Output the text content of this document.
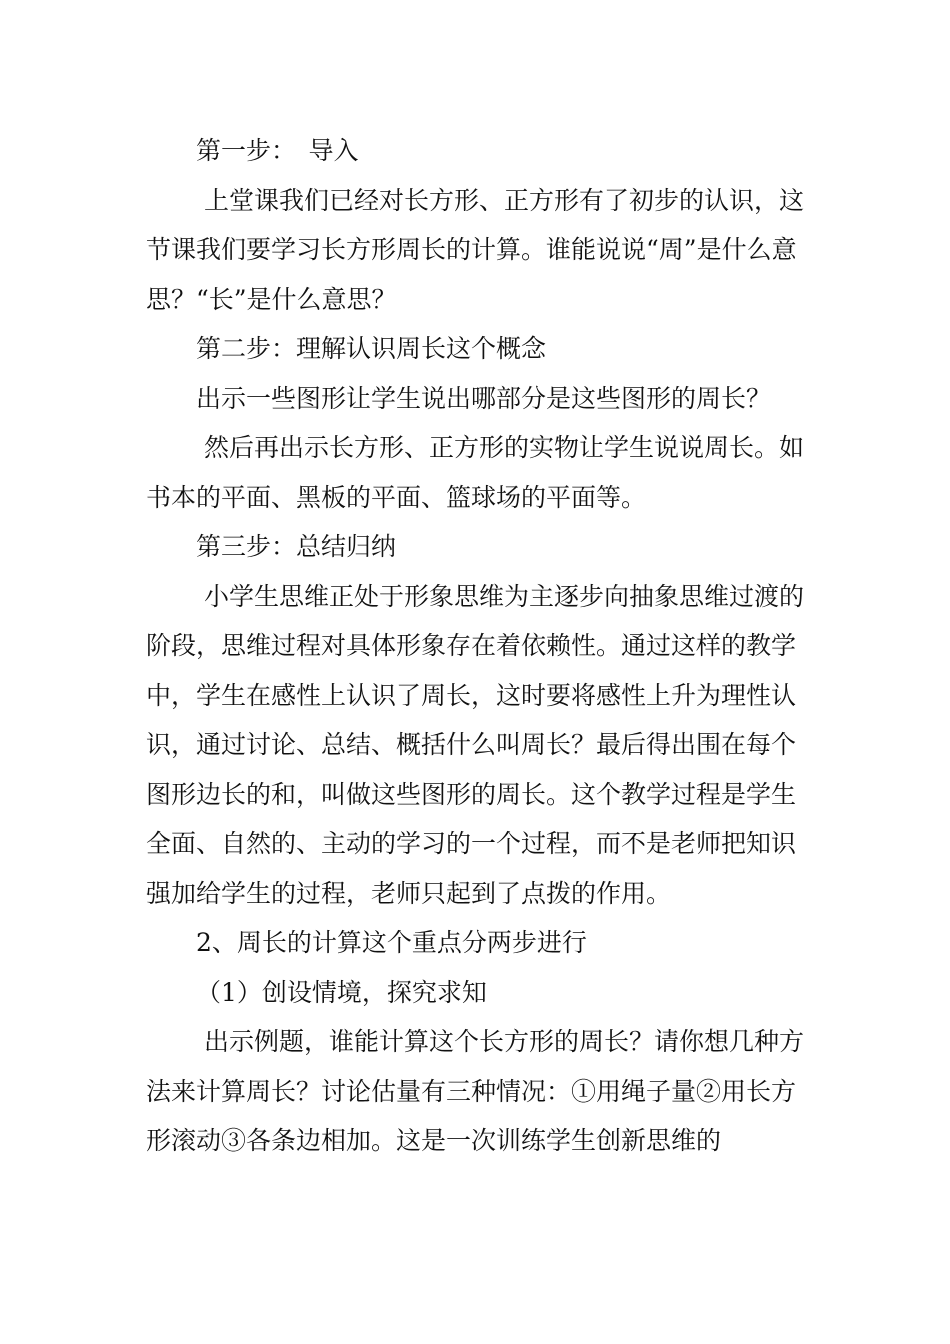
第一步：　导入

上堂课我们已经对长方形、正方形有了初步的认识，这节课我们要学习长方形周长的计算。谁能说说“周”是什么意思？“长”是什么意思？

第二步：理解认识周长这个概念

出示一些图形让学生说出哪部分是这些图形的周长？

然后再出示长方形、正方形的实物让学生说说周长。如书本的平面、黑板的平面、篮球场的平面等。

第三步：总结归纳

小学生思维正处于形象思维为主逐步向抽象思维过渡的阶段，思维过程对具体形象存在着依赖性。通过这样的教学中，学生在感性上认识了周长，这时要将感性上升为理性认识，通过讨论、总结、概括什么叫周长？最后得出围在每个图形边长的和，叫做这些图形的周长。这个教学过程是学生全面、自然的、主动的学习的一个过程，而不是老师把知识强加给学生的过程，老师只起到了点拨的作用。

2、周长的计算这个重点分两步进行

（1）创设情境，探究求知

出示例题，谁能计算这个长方形的周长？请你想几种方法来计算周长？讨论估量有三种情况：①用绳子量②用长方形滚动③各条边相加。这是一次训练学生创新思维的
